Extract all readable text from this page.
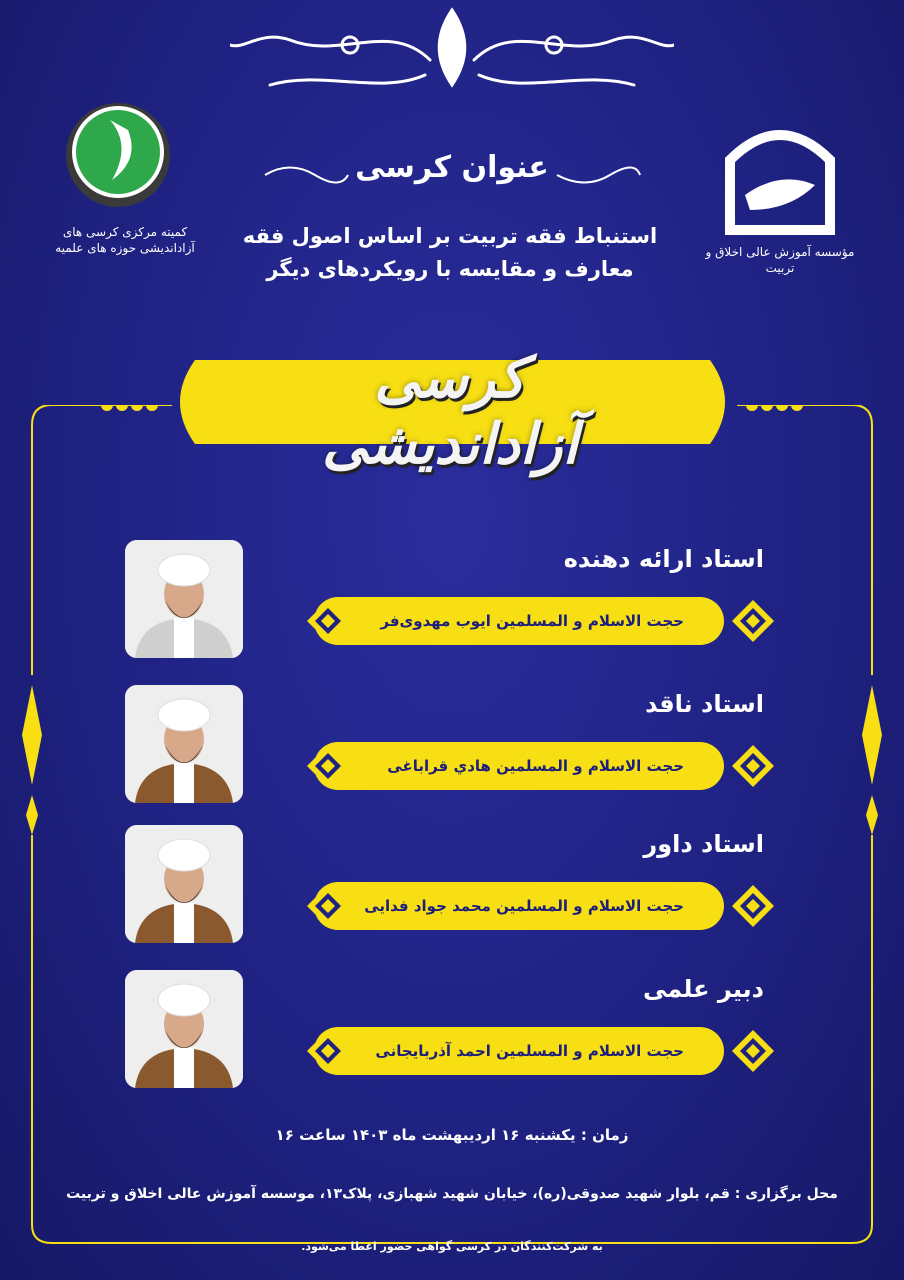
مؤسسه آموزش عالی اخلاق و تربیت
کمیته مرکزی کرسی های
آزاداندیشی حوزه های علمیه
عنوان کرسی
استنباط فقه تربیت بر اساس اصول فقه
معارف و مقایسه با رویکردهای دیگر
کرسی آزاداندیشی
استاد ارائه دهنده
حجت الاسلام و المسلمین ایوب مهدوی‌فر
استاد ناقد
حجت الاسلام و المسلمین هادي قراباغی
استاد داور
حجت الاسلام و المسلمین محمد جواد فدایی
دبیر علمی
حجت الاسلام و المسلمین احمد آذربایجانی
زمان : یکشنبه ۱۶ اردیبهشت ماه ۱۴۰۳ ساعت ۱۶
محل برگزاری : قم، بلوار شهید صدوقی(ره)، خیابان شهید شهبازی، پلاک۱۳، موسسه آموزش عالی اخلاق و تربیت
به شرکت‌کنندگان در کرسی گواهی حضور اعطا می‌شود.
